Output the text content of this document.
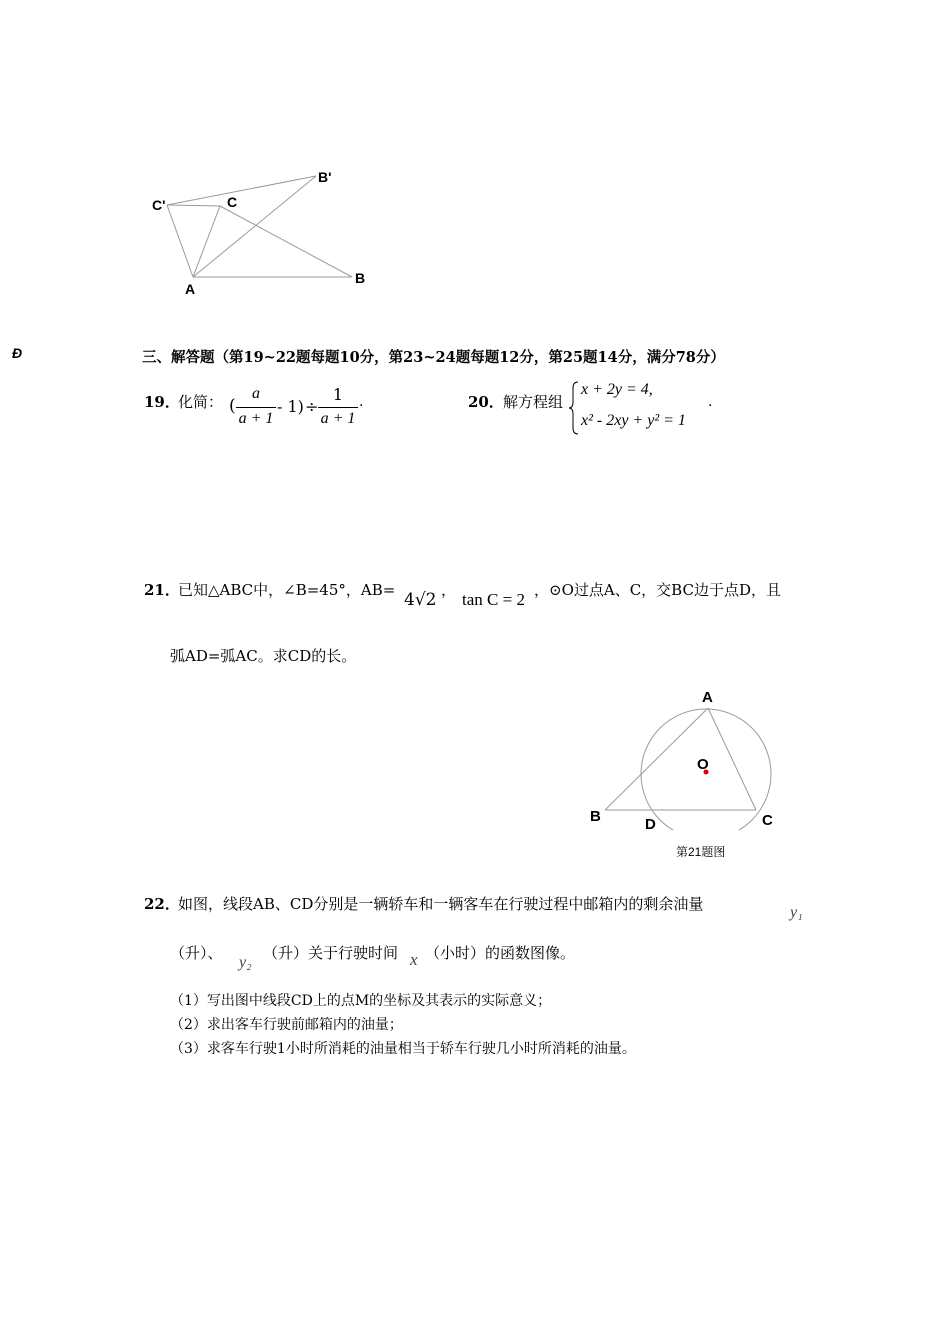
C'	C
B'
A
B
Đ	三、解答题（第19~22题每题10分，第23~24题每题12分，第25题14分，满分78分）
19．
化简： (
a
a + 1
- 1) ÷
1
a + 1
.	20． 解方程组
x + 2y = 4,
x² - 2xy + y² = 1
.
21．
已知△ABC中，∠B=45°，AB= 4√2 ， tan C = 2 ，⊙O过点A、C，交BC边于点D，且
弧AD=弧AC。求CD的长。
A
O
B	D	C
第21题图
22．
如图，线段AB、CD分别是一辆轿车和一辆客车在行驶过程中邮箱内的剩余油量	y₁
（升）、
y₂
（升）关于行驶时间 x （小时）的函数图像。
（1）写出图中线段CD上的点M的坐标及其表示的实际意义；
（2）求出客车行驶前邮箱内的油量；
（3）求客车行驶1小时所消耗的油量相当于轿车行驶几小时所消耗的油量。
